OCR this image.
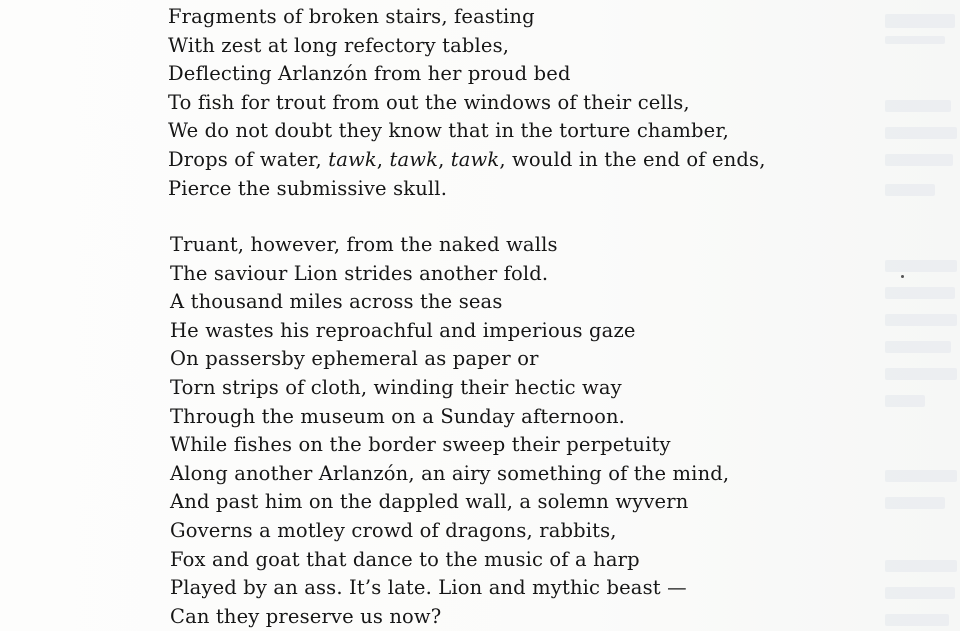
Fragments of broken stairs, feasting
With zest at long refectory tables,
Deflecting Arlanzón from her proud bed
To fish for trout from out the windows of their cells,
We do not doubt they know that in the torture chamber,
Drops of water, tawk, tawk, tawk, would in the end of ends,
Pierce the submissive skull.
Truant, however, from the naked walls
The saviour Lion strides another fold.
A thousand miles across the seas
He wastes his reproachful and imperious gaze
On passersby ephemeral as paper or
Torn strips of cloth, winding their hectic way
Through the museum on a Sunday afternoon.
While fishes on the border sweep their perpetuity
Along another Arlanzón, an airy something of the mind,
And past him on the dappled wall, a solemn wyvern
Governs a motley crowd of dragons, rabbits,
Fox and goat that dance to the music of a harp
Played by an ass. It’s late. Lion and mythic beast —
Can they preserve us now?
